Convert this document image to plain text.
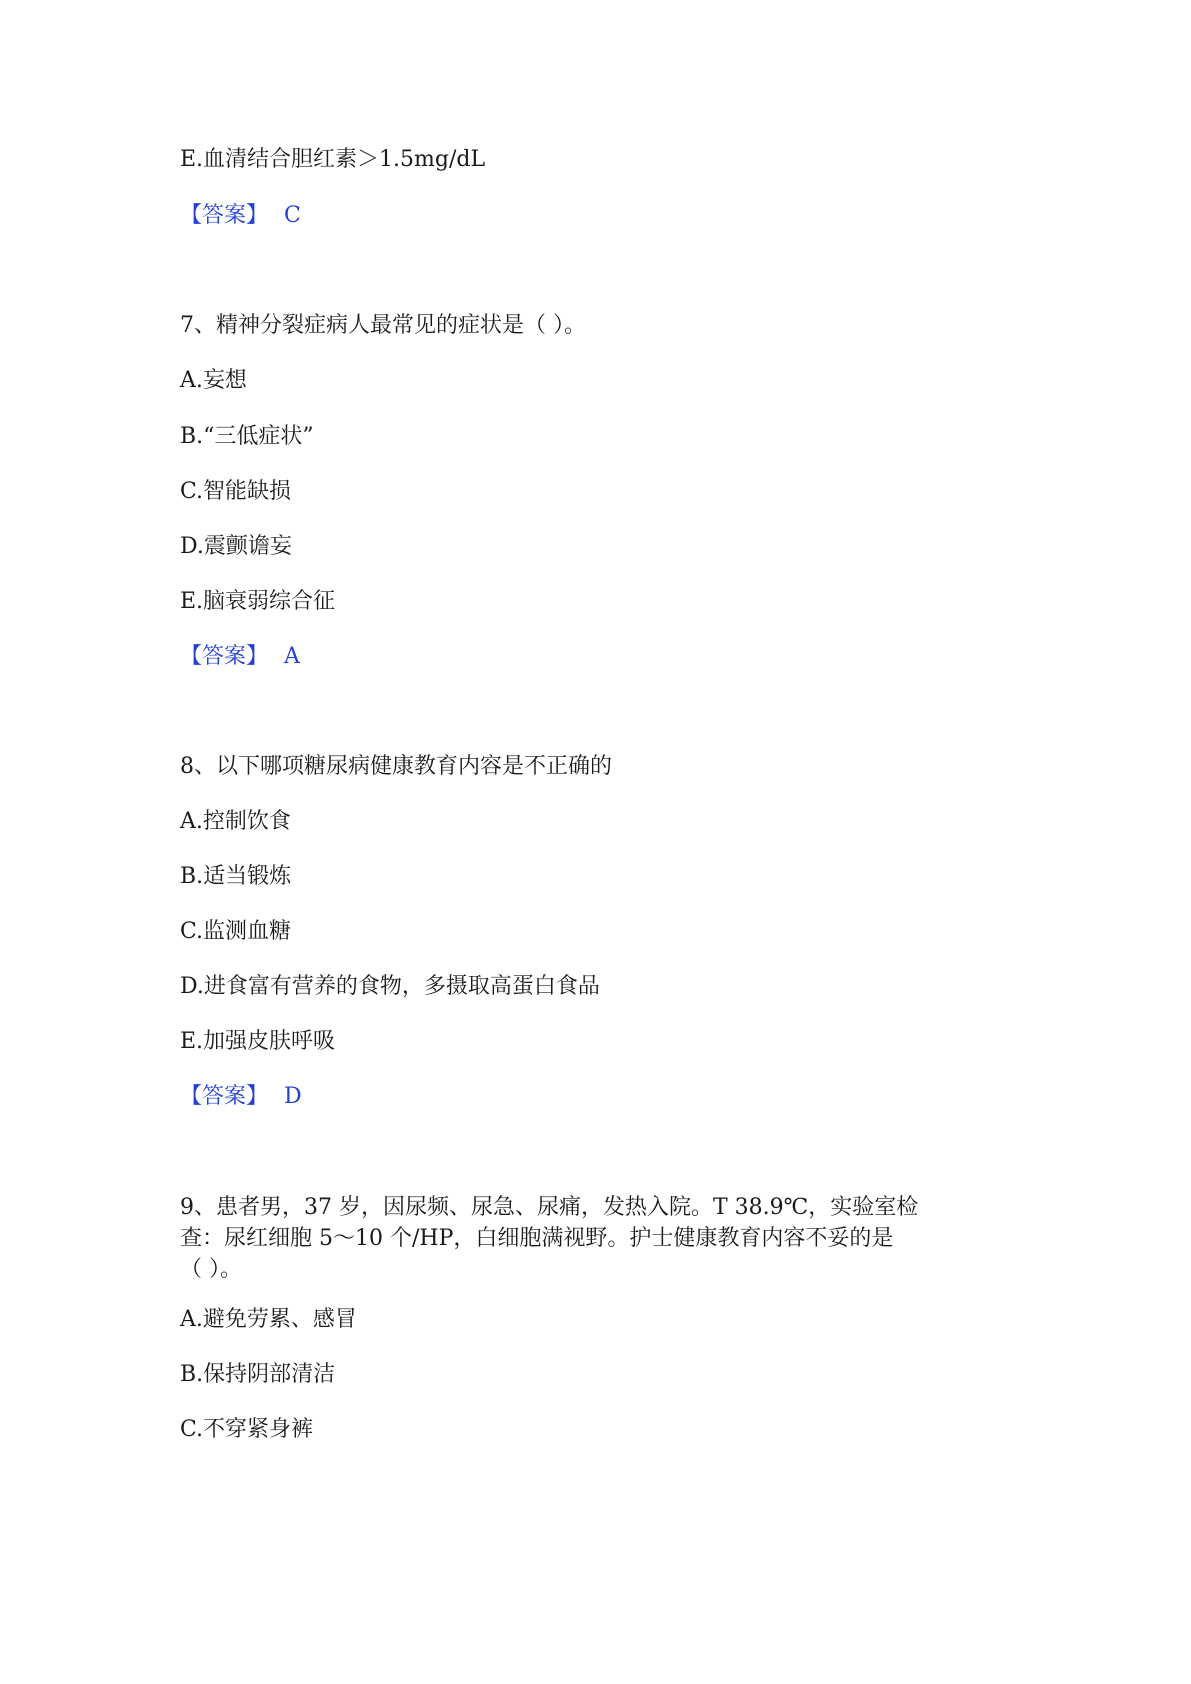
E.血清结合胆红素＞1.5mg/dL
【答案】 C
7、精神分裂症病人最常见的症状是（ ）。
A.妄想
B.“三低症状”
C.智能缺损
D.震颤谵妄
E.脑衰弱综合征
【答案】 A
8、以下哪项糖尿病健康教育内容是不正确的
A.控制饮食
B.适当锻炼
C.监测血糖
D.进食富有营养的食物，多摄取高蛋白食品
E.加强皮肤呼吸
【答案】 D
9、患者男，37 岁，因尿频、尿急、尿痛，发热入院。T 38.9℃，实验室检
查：尿红细胞 5～10 个/HP，白细胞满视野。护士健康教育内容不妥的是
（ ）。
A.避免劳累、感冒
B.保持阴部清洁
C.不穿紧身裤
